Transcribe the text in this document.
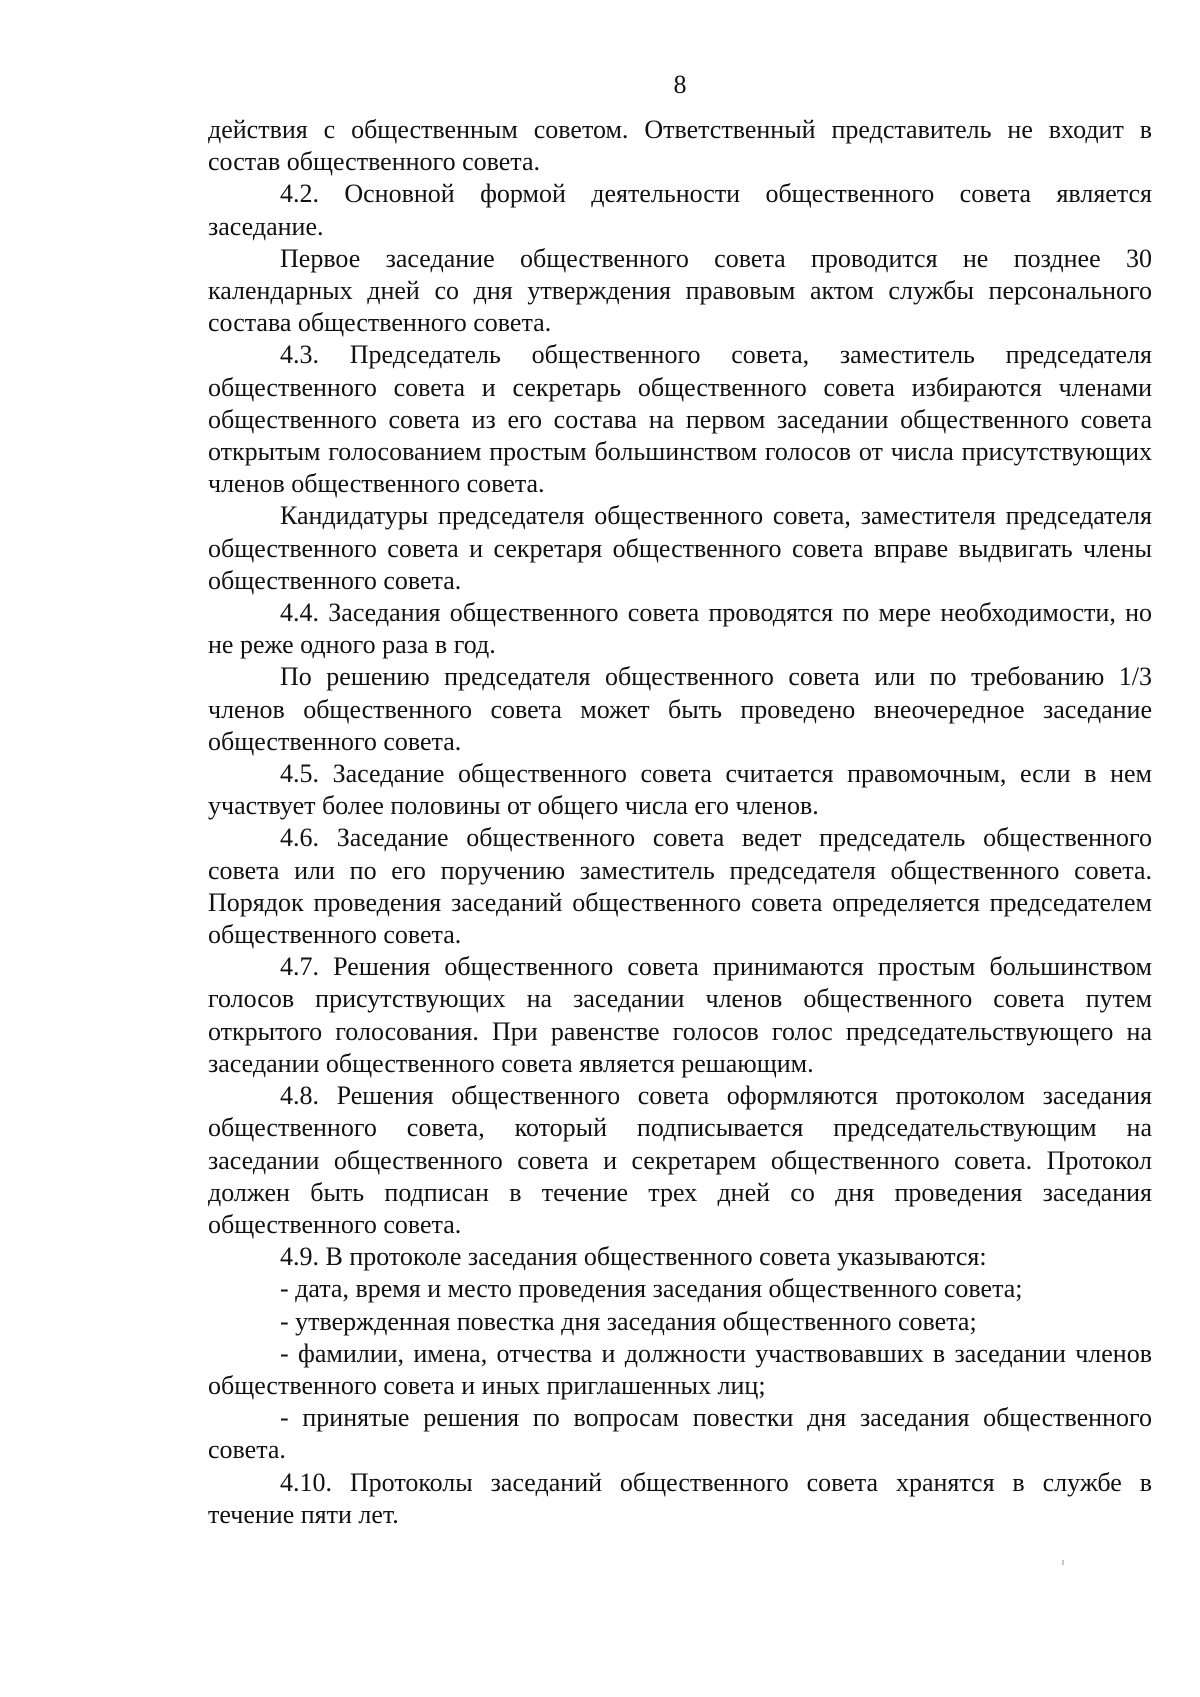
8

действия с общественным советом. Ответственный представитель не входит в состав общественного совета.

4.2. Основной формой деятельности общественного совета является заседание.

Первое заседание общественного совета проводится не позднее 30 календарных дней со дня утверждения правовым актом службы персонального состава общественного совета.

4.3. Председатель общественного совета, заместитель председателя общественного совета и секретарь общественного совета избираются членами общественного совета из его состава на первом заседании общественного совета открытым голосованием простым большинством голосов от числа присутствующих членов общественного совета.

Кандидатуры председателя общественного совета, заместителя председателя общественного совета и секретаря общественного совета вправе выдвигать члены общественного совета.

4.4. Заседания общественного совета проводятся по мере необходимости, но не реже одного раза в год.

По решению председателя общественного совета или по требованию 1/3 членов общественного совета может быть проведено внеочередное заседание общественного совета.

4.5. Заседание общественного совета считается правомочным, если в нем участвует более половины от общего числа его членов.

4.6. Заседание общественного совета ведет председатель общественного совета или по его поручению заместитель председателя общественного совета. Порядок проведения заседаний общественного совета определяется председателем общественного совета.

4.7. Решения общественного совета принимаются простым большинством голосов присутствующих на заседании членов общественного совета путем открытого голосования. При равенстве голосов голос председательствующего на заседании общественного совета является решающим.

4.8. Решения общественного совета оформляются протоколом заседания общественного совета, который подписывается председательствующим на заседании общественного совета и секретарем общественного совета. Протокол должен быть подписан в течение трех дней со дня проведения заседания общественного совета.

4.9. В протоколе заседания общественного совета указываются:

- дата, время и место проведения заседания общественного совета;

- утвержденная повестка дня заседания общественного совета;

- фамилии, имена, отчества и должности участвовавших в заседании членов общественного совета и иных приглашенных лиц;

- принятые решения по вопросам повестки дня заседания общественного совета.

4.10. Протоколы заседаний общественного совета хранятся в службе в течение пяти лет.
